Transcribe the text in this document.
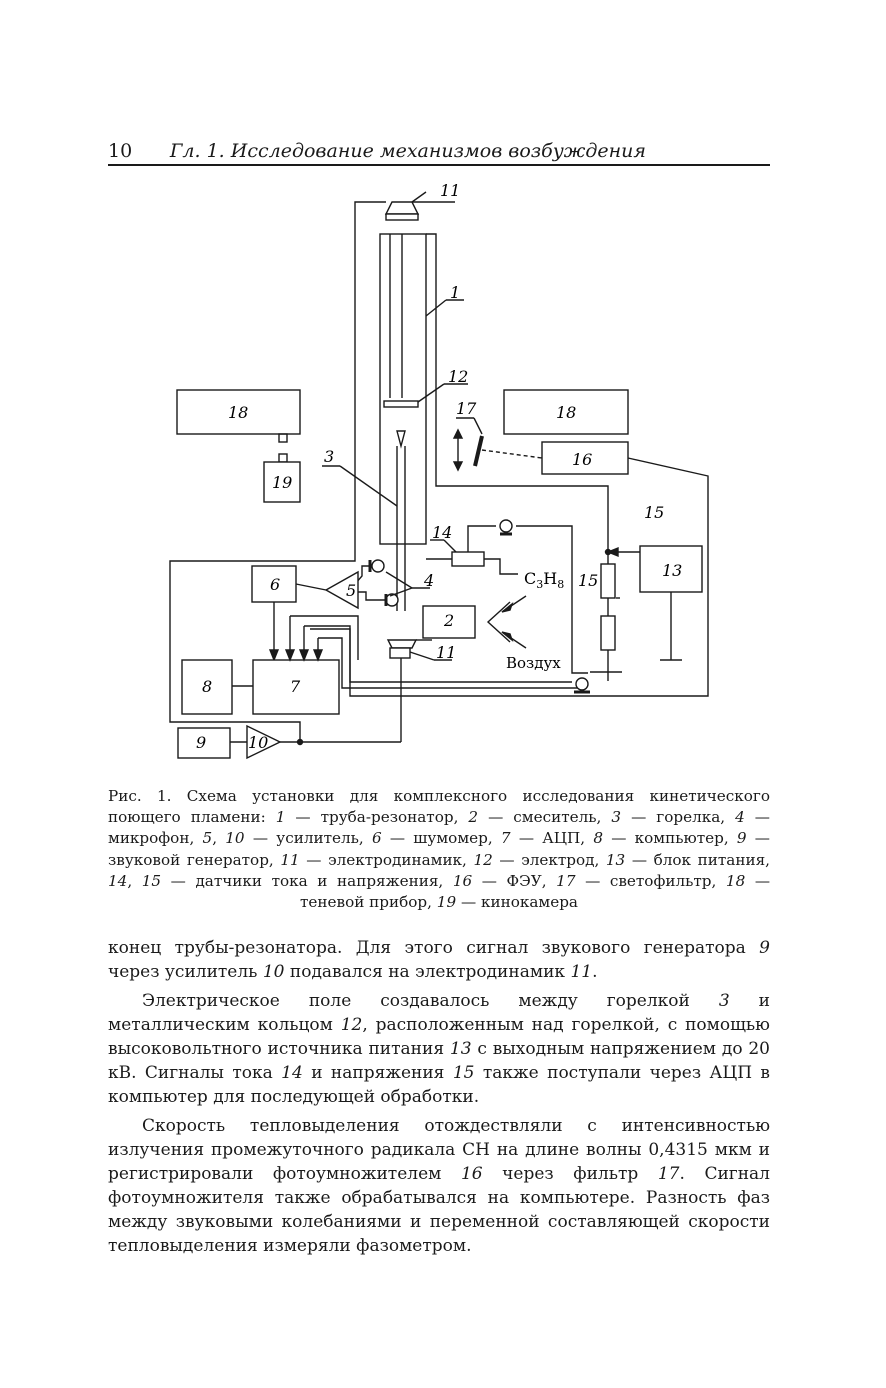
10 Гл. 1. Исследование механизмов возбуждения
11
1
12
17
18	18
19
16
3
15
14
13
15
4
5
6
2
11
8	7
9	10
$C_3H_8$
Воздух
Рис. 1. Схема установки для комплексного исследования кинетического поющего пламени: 1 — труба-резонатор, 2 — смеситель, 3 — горелка, 4 — микрофон, 5, 10 — усилитель, 6 — шумомер, 7 — АЦП, 8 — компьютер, 9 — звуковой генератор, 11 — электродинамик, 12 — электрод, 13 — блок питания, 14, 15 — датчики тока и напряжения, 16 — ФЭУ, 17 — светофильтр, 18 — теневой прибор, 19 — кинокамера

конец трубы-резонатора. Для этого сигнал звукового генератора 9 через усилитель 10 подавался на электродинамик 11.

Электрическое поле создавалось между горелкой 3 и металлическим кольцом 12, расположенным над горелкой, с помощью высоковольтного источника питания 13 с выходным напряжением до 20 кВ. Сигналы тока 14 и напряжения 15 также поступали через АЦП в компьютер для последующей обработки.

Скорость тепловыделения отождествляли с интенсивностью излучения промежуточного радикала CH на длине волны 0,4315 мкм и регистрировали фотоумножителем 16 через фильтр 17. Сигнал фотоумножителя также обрабатывался на компьютере. Разность фаз между звуковыми колебаниями и переменной составляющей скорости тепловыделения измеряли фазометром.
